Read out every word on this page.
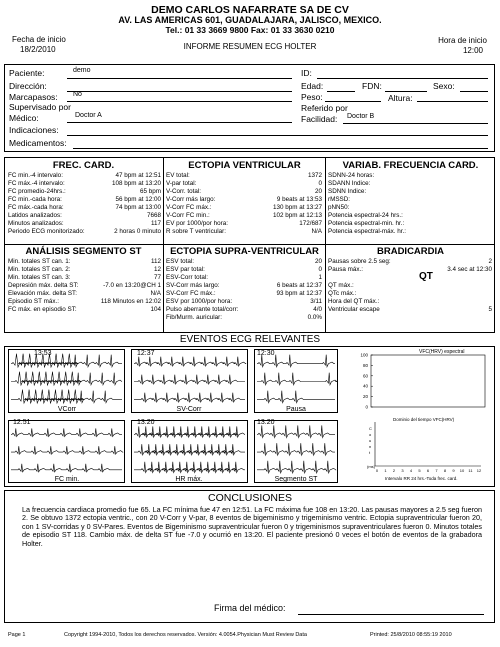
DEMO CARLOS NAFARRATE SA DE CV
AV. LAS AMERICAS 601, GUADALAJARA, JALISCO, MEXICO.
Tel.: 01 33 3669 9800 Fax: 01 33 3630 0210
Fecha de inicio
18/2/2010	INFORME RESUMEN ECG HOLTER
Hora de inicio
12:00
Paciente:	demo
Dirección:
Marcapasos: No
Supervisado por
Médico:	Doctor A
Indicaciones:
Medicamentos:
ID:
Edad:	FDN:	Sexo:
Peso:	Altura:
Referido por
Facilidad: Doctor B
FREC. CARD.	ECTOPIA VENTRICULAR	VARIAB. FRECUENCIA CARD.
ANÁLISIS SEGMENTO ST	ECTOPIA SUPRA-VENTRICULAR	BRADICARDIA
QT
FC min.-4 intervalo:	47 bpm at 12:51
FC máx.-4 intervalo:	108 bpm at 13:20
FC promedio-24hrs.:	65 bpm
FC min.-cada hora:	56 bpm at 12:00
FC máx.-cada hora:	74 bpm at 13:00
Latidos analizados:	7668
Minutos analizados:	117
Periodo ECG monitorizado:	2 horas 0 minuto
EV total:	1372
V-par total:	0
V-Corr. total:	20
V-Corr más largo:	9 beats at 13:53
V-Corr FC máx.:	130 bpm at 13:27
V-Corr FC min.:	102 bpm at 12:13
EV por 1000/por hora:	172/687
R sobre T ventricular:	N/A
SDNN-24 horas:
SDANN Indice:
SDNN Indice:
rMSSD:
pNN50:
Potencia espectral-24 hrs.:
Potencia espectral-min. hr.:
Potencia espectral-máx. hr.:
Min. totales ST can. 1:	112
Min. totales ST can. 2:	12
Min. totales ST can. 3:	77
Depresión máx. delta ST:	-7.0 en 13:20@CH 1
Elevación máx. delta ST:	N/A
Episodio ST máx.:	118 Minutos en 12:02
FC máx. en episodio ST:	104
ESV total:	20
ESV par total:	0
ESV-Corr total:	1
SV-Corr más largo:	6 beats at 12:37
SV-Corr FC máx.:	93 bpm at 12:37
ESV por 1000/por hora:	3/11
Pulso aberrante total/corr:	4/0
Fib/Murm. auricular:	0.0%
Pausas sobre 2.5 seg:	2
Pausa máx.:	3.4 sec at 12:30
QT máx.:
QTc máx.:
Hora del QT máx.:
Ventricular escape	5
EVENTOS ECG RELEVANTES
13:53	12:37	12:30
12:51	13:20	13:20
VCorr	SV-Corr	Pausa
FC min.	HR máx.	Segmento ST
100
80
60
40
20
0
VFC(HRV) espectral
0 1 2 3 4 5 6 7 8 9 10 11 12
C
o
u
n
t
Dominio del tiempo VFC(HRV)
(ms)
Intervalo RR 24 hrs.-Toda frec. card.
CONCLUSIONES
La frecuencia cardiaca promedio fue 65. La FC mínima fue 47 en 12:51. La FC máxima fue 108 en 13:20. Las pausas mayores a 2.5 seg fueron 2. Se obtuvo 1372 ectopia ventric., con 20 V-Corr y V-par, 8 eventos de bigeminismo y trigeminismo ventric. Ectopia supraventricular fueron 20, con 1 SV-corridas y 0 SV-Pares. Eventos de Bigeminismo supraventricular fueron 0 y trigeminismos supraventriculares fueron 0. Minutos totales de episodio ST 118. Cambio máx. de delta ST fue -7.0 y ocurrió en 13:20. El paciente presionó 0 veces el botón de eventos de la grabadora Holter.
Firma del médico:
Page 1	Copyright 1994-2010, Todos los derechos reservados. Versión: 4.0054.Physician Must Review Data	Printed: 25/8/2010 08:55:19 2010
